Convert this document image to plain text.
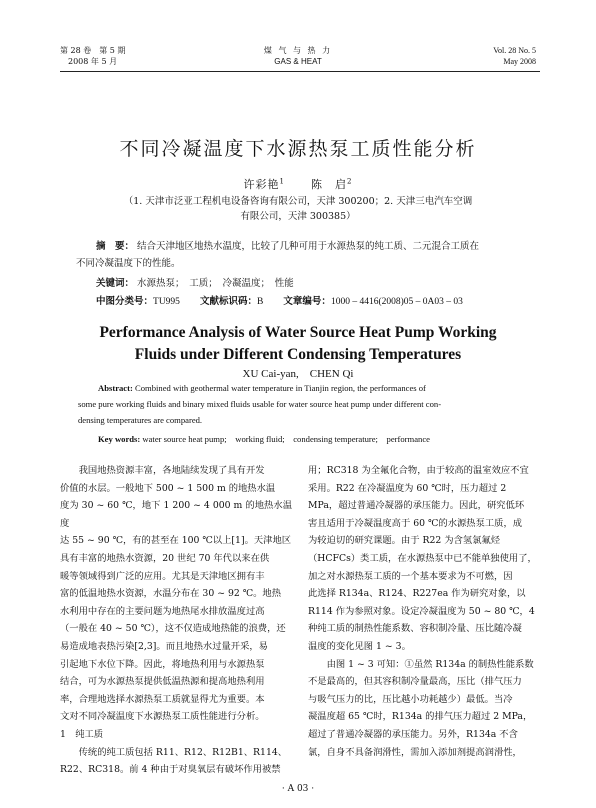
第 28 卷　第 5 期
2008 年 5 月
煤 气 与 热 力
GAS & HEAT
Vol. 28 No. 5
May 2008
不同冷凝温度下水源热泵工质性能分析
许彩艳$^1$ 陈　启$^2$
（1. 天津市泛亚工程机电设备咨询有限公司，天津 300200；2. 天津三电汽车空调
有限公司，天津 300385）
摘　要： 结合天津地区地热水温度，比较了几种可用于水源热泵的纯工质、二元混合工质在
不同冷凝温度下的性能。
关键词： 水源热泵；　工质；　冷凝温度；　性能
中图分类号：TU995 文献标识码：B 文章编号：1000 – 4416(2008)05 – 0A03 – 03
Performance Analysis of Water Source Heat Pump Working
Fluids under Different Condensing Temperatures
XU Cai-yan,　CHEN Qi
Abstract: Combined with geothermal water temperature in Tianjin region, the performances of
some pure working fluids and binary mixed fluids usable for water source heat pump under different con-
densing temperatures are compared.
Key words: water source heat pump;　working fluid;　condensing temperature;　performance

　　我国地热资源丰富，各地陆续发现了具有开发

价值的水层。一般地下 500 ~ 1 500 m 的地热水温

度为 30 ~ 60 ℃，地下 1 200 ~ 4 000 m 的地热水温度

达 55 ~ 90 ℃，有的甚至在 100 ℃以上[1]。天津地区

具有丰富的地热水资源，20 世纪 70 年代以来在供

暖等领域得到广泛的应用。尤其是天津地区拥有丰

富的低温地热水资源，水温分布在 30 ~ 92 ℃。地热

水利用中存在的主要问题为地热尾水排放温度过高

（一般在 40 ~ 50 ℃），这不仅造成地热能的浪费，还

易造成地表热污染[2,3]。而且地热水过量开采，易

引起地下水位下降。因此，将地热利用与水源热泵

结合，可为水源热泵提供低温热源和提高地热利用

率，合理地选择水源热泵工质就显得尤为重要。本

文对不同冷凝温度下水源热泵工质性能进行分析。

1　纯工质

　　传统的纯工质包括 R11、R12、R12B1、R114、

R22、RC318。前 4 种由于对臭氧层有破坏作用被禁

用；RC318 为全氟化合物，由于较高的温室效应不宜

采用。R22 在冷凝温度为 60 ℃时，压力超过 2

MPa，超过普通冷凝器的承压能力。因此，研究低环

害且适用于冷凝温度高于 60 ℃的水源热泵工质，成

为较迫切的研究课题。由于 R22 为含氢氯氟烃

（HCFCs）类工质，在水源热泵中已不能单独使用了，

加之对水源热泵工质的一个基本要求为不可燃，因

此选择 R134a、R124、R227ea 作为研究对象，以

R114 作为参照对象。设定冷凝温度为 50 ~ 80 ℃，4

种纯工质的制热性能系数、容积制冷量、压比随冷凝

温度的变化见图 1 ~ 3。

　　由图 1 ~ 3 可知：①虽然 R134a 的制热性能系数

不是最高的，但其容积制冷量最高，压比（排气压力

与吸气压力的比，压比越小功耗越少）最低。当冷

凝温度超 65 ℃时，R134a 的排气压力超过 2 MPa，

超过了普通冷凝器的承压能力。另外，R134a 不含

氯，自身不具备润滑性，需加入添加剂提高润滑性，

· A 03 ·
